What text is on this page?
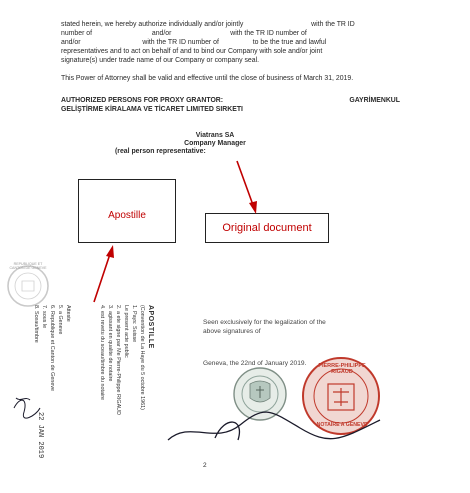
stated herein, we hereby authorize individually and/or jointly	with the TR ID
number of	and/or	with the TR ID number of
and/or	with the TR ID number of	to be the true and lawful
representatives and to act on behalf of and to bind our Company with sole and/or joint
signature(s) under trade name of our Company or company seal.
This Power of Attorney shall be valid and effective until the close of business of March 31, 2019.
AUTHORIZED PERSONS FOR PROXY GRANTOR:	GAYRİMENKUL
GELİŞTİRME KİRALAMA VE TİCARET LIMITED SIRKETI
Viatrans SA
Company Manager
(real person representative:
Apostille
Original document
PIERRE-PHILIPPE RIGAUD
NOTAIRE A GENEVE
REPUBLIQUE ET CANTON DE GENEVE
APOSTILLE
(Convention de La Haye du 5 octobre 1961)
1. Pays: Suisse
Le present acte public
2. a ete signe par Me Pierre-Philippe RIGAUD
3. agissant en qualite de notaire
4. est revetu du sceau/timbre du notaire
Atteste
5. a Geneve
6. Republique et Canton de Geneve
7. sous le
8. Sceau/timbre
22 JAN 2019
Seen exclusively for the legalization of the
above signatures of
Geneva, the 22nd of January 2019.
2
